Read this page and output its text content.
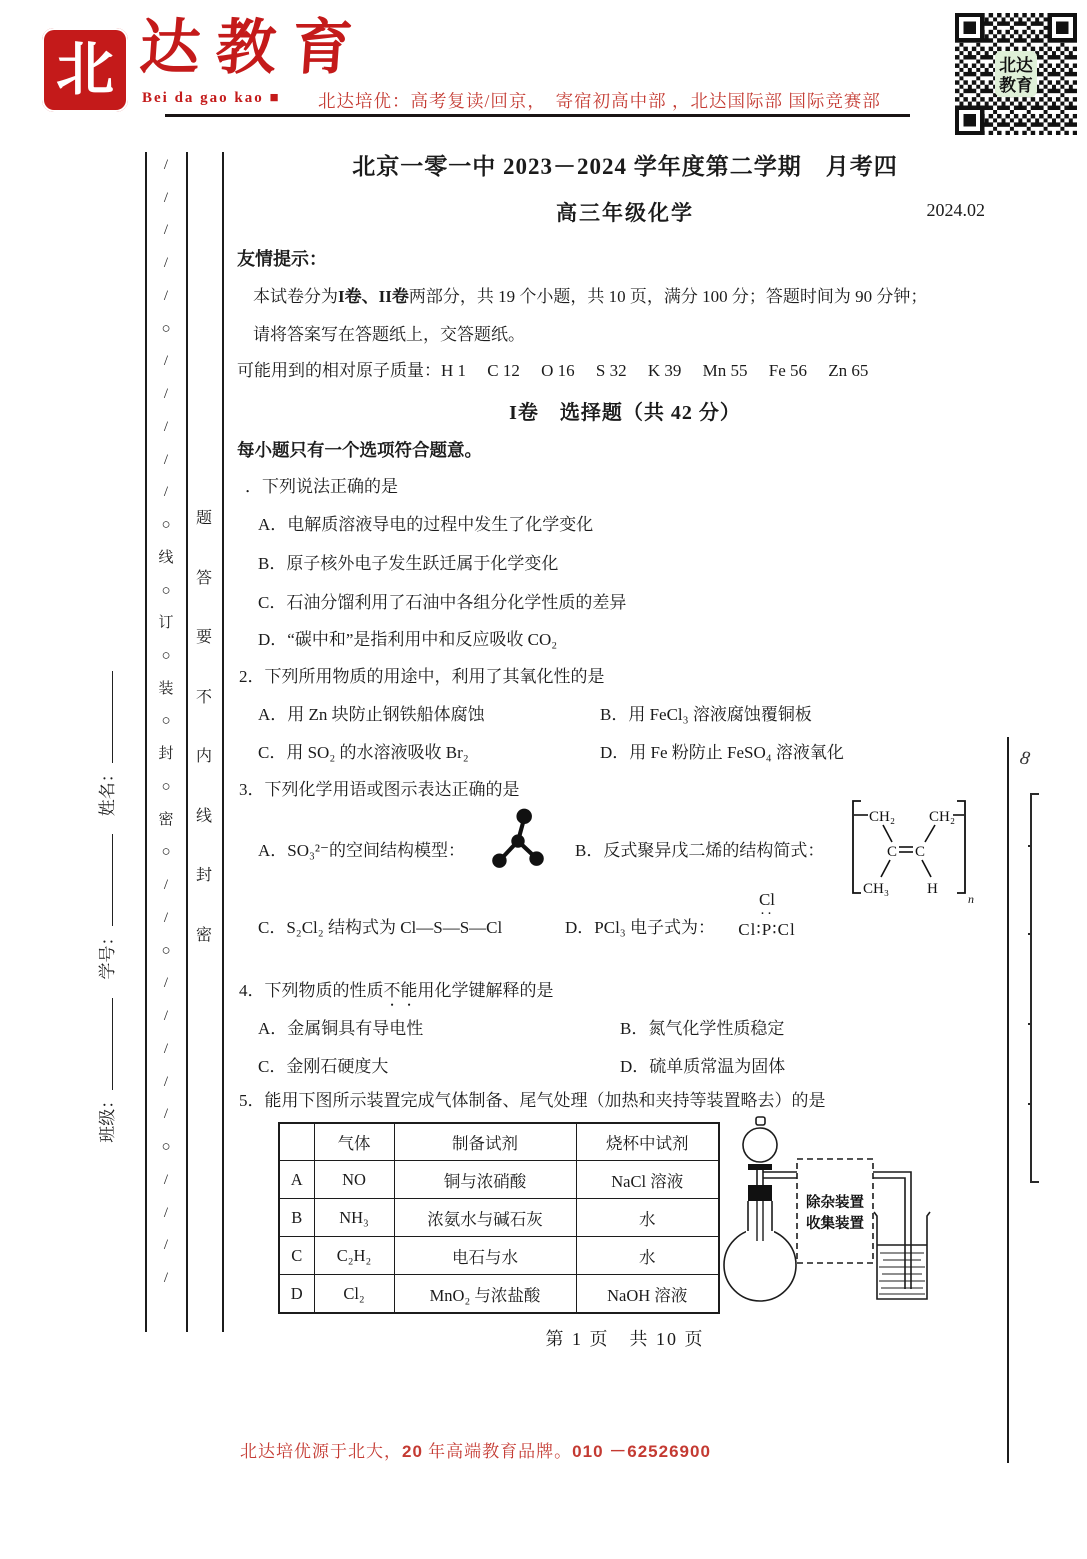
北 达教育
Bei da gao kao ■ 北达培优：高考复读/回京，　寄宿初高中部 ，北达国际部 国际竞赛部
北达
教育
/
/
/
/
/
○
/
/
/
/
/
○
线
○
订
○
装
○
封
○
密
○
/
/
○
/
/
/
/
/
○
/
/
/
/
题
答
要
不
内
线
封
密
班级： 学号： 姓名：
8
北京一零一中 2023－2024 学年度第二学期　月考四
高三年级化学	2024.02
友情提示：
本试卷分为I卷、II卷两部分，共 19 个小题，共 10 页，满分 100 分；答题时间为 90 分钟；
请将答案写在答题纸上，交答题纸。
可能用到的相对原子质量：H 1　 C 12　 O 16　 S 32　 K 39　 Mn 55　 Fe 56　 Zn 65
I卷　选择题（共 42 分）
每小题只有一个选项符合题意。
．下列说法正确的是
A．电解质溶液导电的过程中发生了化学变化
B．原子核外电子发生跃迁属于化学变化
C．石油分馏利用了石油中各组分化学性质的差异
D．“碳中和”是指利用中和反应吸收 CO₂
2．下列所用物质的用途中，利用了其氧化性的是
A．用 Zn 块防止钢铁船体腐蚀	B．用 FeCl₃ 溶液腐蚀覆铜板
C．用 SO₂ 的水溶液吸收 Br₂	D．用 Fe 粉防止 FeSO₄ 溶液氧化
3．下列化学用语或图示表达正确的是
A．SO₃²⁻的空间结构模型：	B．反式聚异戊二烯的结构简式：
CH₂ CH₂
C C
CH₃	H
n
C．S₂Cl₂ 结构式为 Cl—S—S—Cl	D．PCl₃ 电子式为：
Cl
··
Cl∶P∶Cl
4．下列物质的性质不能用化学键解释的是
A．金属铜具有导电性	B．氮气化学性质稳定
C．金刚石硬度大	D．硫单质常温为固体
5．能用下图所示装置完成气体制备、尾气处理（加热和夹持等装置略去）的是
	气体	制备试剂	烧杯中试剂
A	NO	铜与浓硝酸	NaCl 溶液
B	NH₃	浓氨水与碱石灰	水
C	C₂H₂	电石与水	水
D	Cl₂	MnO₂ 与浓盐酸	NaOH 溶液
除杂装置
收集装置
第 1 页　共 10 页
北达培优源于北大，20 年高端教育品牌。010 －62526900
